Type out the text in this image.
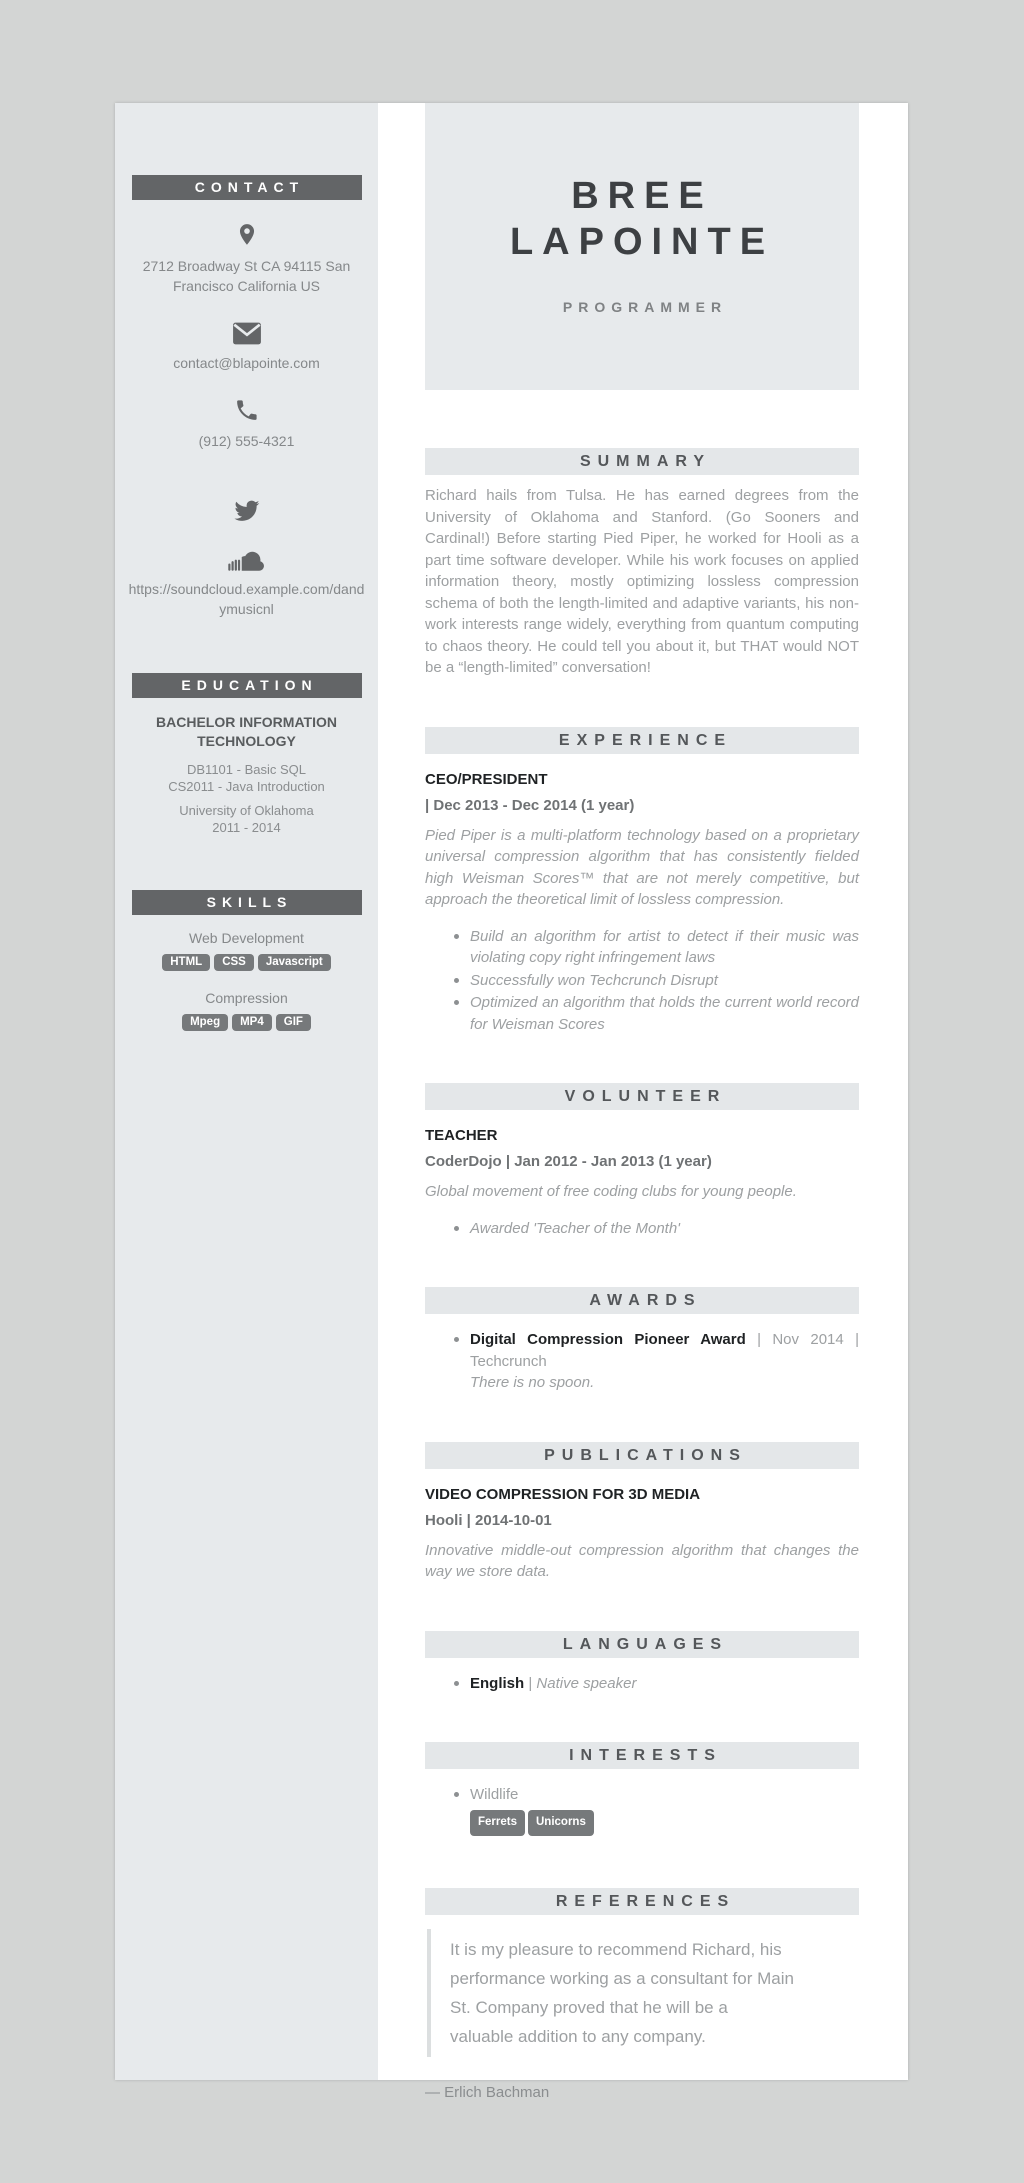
CONTACT
2712 Broadway St CA 94115 San Francisco California US
contact@blapointe.com
(912) 555-4321
https://soundcloud.example.com/dandymusicnl
EDUCATION
BACHELOR INFORMATION TECHNOLOGY
DB1101 - Basic SQL
CS2011 - Java Introduction
University of Oklahoma
2011 - 2014
SKILLS
Web Development
HTML CSS Javascript
Compression
Mpeg MP4 GIF
BREE LAPOINTE
PROGRAMMER
SUMMARY

Richard hails from Tulsa. He has earned degrees from the University of Oklahoma and Stanford. (Go Sooners and Cardinal!) Before starting Pied Piper, he worked for Hooli as a part time software developer. While his work focuses on applied information theory, mostly optimizing lossless compression schema of both the length-limited and adaptive variants, his non-work interests range widely, everything from quantum computing to chaos theory. He could tell you about it, but THAT would NOT be a “length-limited” conversation!

EXPERIENCE
CEO/PRESIDENT
| Dec 2013 - Dec 2014 (1 year)

Pied Piper is a multi-platform technology based on a proprietary universal compression algorithm that has consistently fielded high Weisman Scores™ that are not merely competitive, but approach the theoretical limit of lossless compression.

Build an algorithm for artist to detect if their music was violating copy right infringement laws
Successfully won Techcrunch Disrupt
Optimized an algorithm that holds the current world record for Weisman Scores
VOLUNTEER
TEACHER
CoderDojo | Jan 2012 - Jan 2013 (1 year)

Global movement of free coding clubs for young people.

Awarded 'Teacher of the Month'
AWARDS
Digital Compression Pioneer Award | Nov 2014 | Techcrunch
There is no spoon.
PUBLICATIONS
VIDEO COMPRESSION FOR 3D MEDIA
Hooli | 2014-10-01

Innovative middle-out compression algorithm that changes the way we store data.

LANGUAGES
English | Native speaker
INTERESTS
Wildlife
Ferrets Unicorns
REFERENCES
It is my pleasure to recommend Richard, his performance working as a consultant for Main St. Company proved that he will be a valuable addition to any company.
— Erlich Bachman
